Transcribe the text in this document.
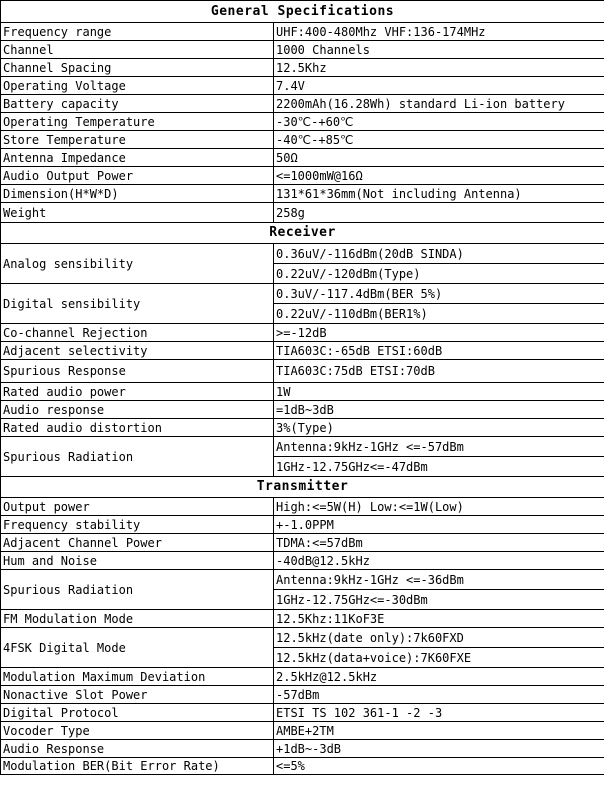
General Specifications	
Frequency range	UHF:400-480Mhz VHF:136-174MHz
Channel	1000 Channels
Channel Spacing	12.5Khz
Operating Voltage	7.4V
Battery capacity	2200mAh(16.28Wh) standard Li-ion battery
Operating Temperature	-30℃-+60℃
Store Temperature	-40℃-+85℃
Antenna Impedance	50Ω
Audio Output Power	<=1000mW@16Ω
Dimension(H*W*D)	131*61*36mm(Not including Antenna)
Weight	258g
Receiver	
Analog sensibility	0.36uV/-116dBm(20dB SINDA)
	0.22uV/-120dBm(Type)
Digital sensibility	0.3uV/-117.4dBm(BER 5%)
	0.22uV/-110dBm(BER1%)
Co-channel Rejection	>=-12dB
Adjacent selectivity	TIA603C:-65dB ETSI:60dB
Spurious Response	TIA603C:75dB ETSI:70dB
Rated audio power	1W
Audio response	=1dB~3dB
Rated audio distortion	3%(Type)
Spurious Radiation	Antenna:9kHz-1GHz <=-57dBm
	1GHz-12.75GHz<=-47dBm
Transmitter	
Output power	High:<=5W(H) Low:<=1W(Low)
Frequency stability	+-1.0PPM
Adjacent Channel Power	TDMA:<=57dBm
Hum and Noise	-40dB@12.5kHz
Spurious Radiation	Antenna:9kHz-1GHz <=-36dBm
	1GHz-12.75GHz<=-30dBm
FM Modulation Mode	12.5Khz:11KoF3E
4FSK Digital Mode	12.5kHz(date only):7k60FXD
	12.5kHz(data+voice):7K60FXE
Modulation Maximum Deviation	2.5kHz@12.5kHz
Nonactive Slot Power	-57dBm
Digital Protocol	ETSI TS 102 361-1 -2 -3
Vocoder Type	AMBE+2TM
Audio Response	+1dB~-3dB
Modulation BER(Bit Error Rate)	<=5%
